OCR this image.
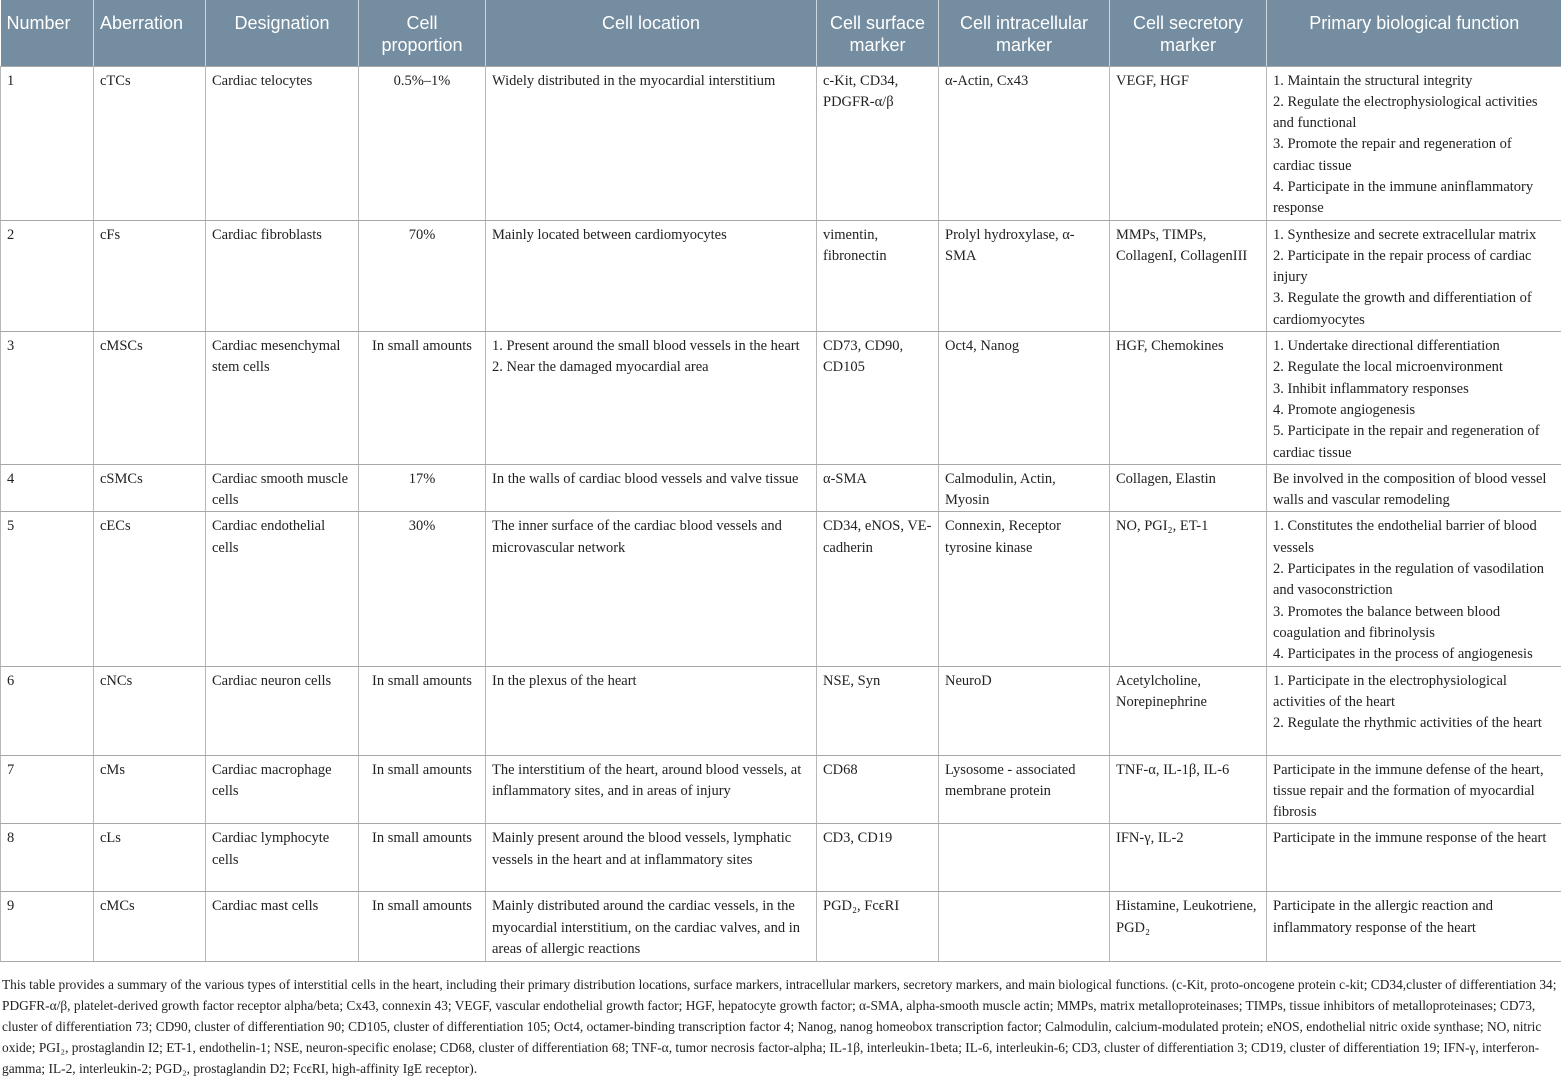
Number	Aberration	Designation	Cell proportion	Cell location	Cell surface marker	Cell intracellular marker	Cell secretory marker	Primary biological function
1	cTCs	Cardiac telocytes	0.5%–1%	Widely distributed in the myocardial interstitium	c-Kit, CD34, PDGFR-α/β	α-Actin, Cx43	VEGF, HGF	1. Maintain the structural integrity
2. Regulate the electrophysiological activities and functional
3. Promote the repair and regeneration of cardiac tissue
4. Participate in the immune aninflammatory response

2	cFs	Cardiac fibroblasts	70%	Mainly located between cardiomyocytes	vimentin, fibronectin	Prolyl hydroxylase, α-SMA	MMPs, TIMPs, CollagenI, CollagenIII	1. Synthesize and secrete extracellular matrix
2. Participate in the repair process of cardiac injury
3. Regulate the growth and differentiation of cardiomyocytes

3	cMSCs	Cardiac mesenchymal stem cells	In small amounts	1. Present around the small blood vessels in the heart
2. Near the damaged myocardial area	CD73, CD90, CD105	Oct4, Nanog	HGF, Chemokines	1. Undertake directional differentiation
2. Regulate the local microenvironment
3. Inhibit inflammatory responses
4. Promote angiogenesis
5. Participate in the repair and regeneration of cardiac tissue

4	cSMCs	Cardiac smooth muscle cells	17%	In the walls of cardiac blood vessels and valve tissue	α-SMA	Calmodulin, Actin, Myosin	Collagen, Elastin	Be involved in the composition of blood vessel walls and vascular remodeling

5	cECs	Cardiac endothelial cells	30%	The inner surface of the cardiac blood vessels and microvascular network	CD34, eNOS, VE-cadherin	Connexin, Receptor tyrosine kinase	NO, PGI₂, ET-1	1. Constitutes the endothelial barrier of blood vessels
2. Participates in the regulation of vasodilation and vasoconstriction
3. Promotes the balance between blood coagulation and fibrinolysis
4. Participates in the process of angiogenesis

6	cNCs	Cardiac neuron cells	In small amounts	In the plexus of the heart	NSE, Syn	NeuroD	Acetylcholine, Norepinephrine	1. Participate in the electrophysiological activities of the heart
2. Regulate the rhythmic activities of the heart

7	cMs	Cardiac macrophage cells	In small amounts	The interstitium of the heart, around blood vessels, at inflammatory sites, and in areas of injury	CD68	Lysosome - associated membrane protein	TNF-α, IL-1β, IL-6	Participate in the immune defense of the heart, tissue repair and the formation of myocardial fibrosis

8	cLs	Cardiac lymphocyte cells	In small amounts	Mainly present around the blood vessels, lymphatic vessels in the heart and at inflammatory sites	CD3, CD19		IFN-γ, IL-2	Participate in the immune response of the heart

9	cMCs	Cardiac mast cells	In small amounts	Mainly distributed around the cardiac vessels, in the myocardial interstitium, on the cardiac valves, and in areas of allergic reactions	PGD₂, FcϵRI		Histamine, Leukotriene, PGD₂	Participate in the allergic reaction and inflammatory response of the heart
This table provides a summary of the various types of interstitial cells in the heart, including their primary distribution locations, surface markers, intracellular markers, secretory markers, and main biological functions. (c-Kit, proto-oncogene protein c-kit; CD34,cluster of differentiation 34; PDGFR-α/β, platelet-derived growth factor receptor alpha/beta; Cx43, connexin 43; VEGF, vascular endothelial growth factor; HGF, hepatocyte growth factor; α-SMA, alpha-smooth muscle actin; MMPs, matrix metalloproteinases; TIMPs, tissue inhibitors of metalloproteinases; CD73, cluster of differentiation 73; CD90, cluster of differentiation 90; CD105, cluster of differentiation 105; Oct4, octamer-binding transcription factor 4; Nanog, nanog homeobox transcription factor; Calmodulin, calcium-modulated protein; eNOS, endothelial nitric oxide synthase; NO, nitric oxide; PGI₂, prostaglandin I2; ET-1, endothelin-1; NSE, neuron-specific enolase; CD68, cluster of differentiation 68; TNF-α, tumor necrosis factor-alpha; IL-1β, interleukin-1beta; IL-6, interleukin-6; CD3, cluster of differentiation 3; CD19, cluster of differentiation 19; IFN-γ, interferon-gamma; IL-2, interleukin-2; PGD₂, prostaglandin D2; FcϵRI, high-affinity IgE receptor).
